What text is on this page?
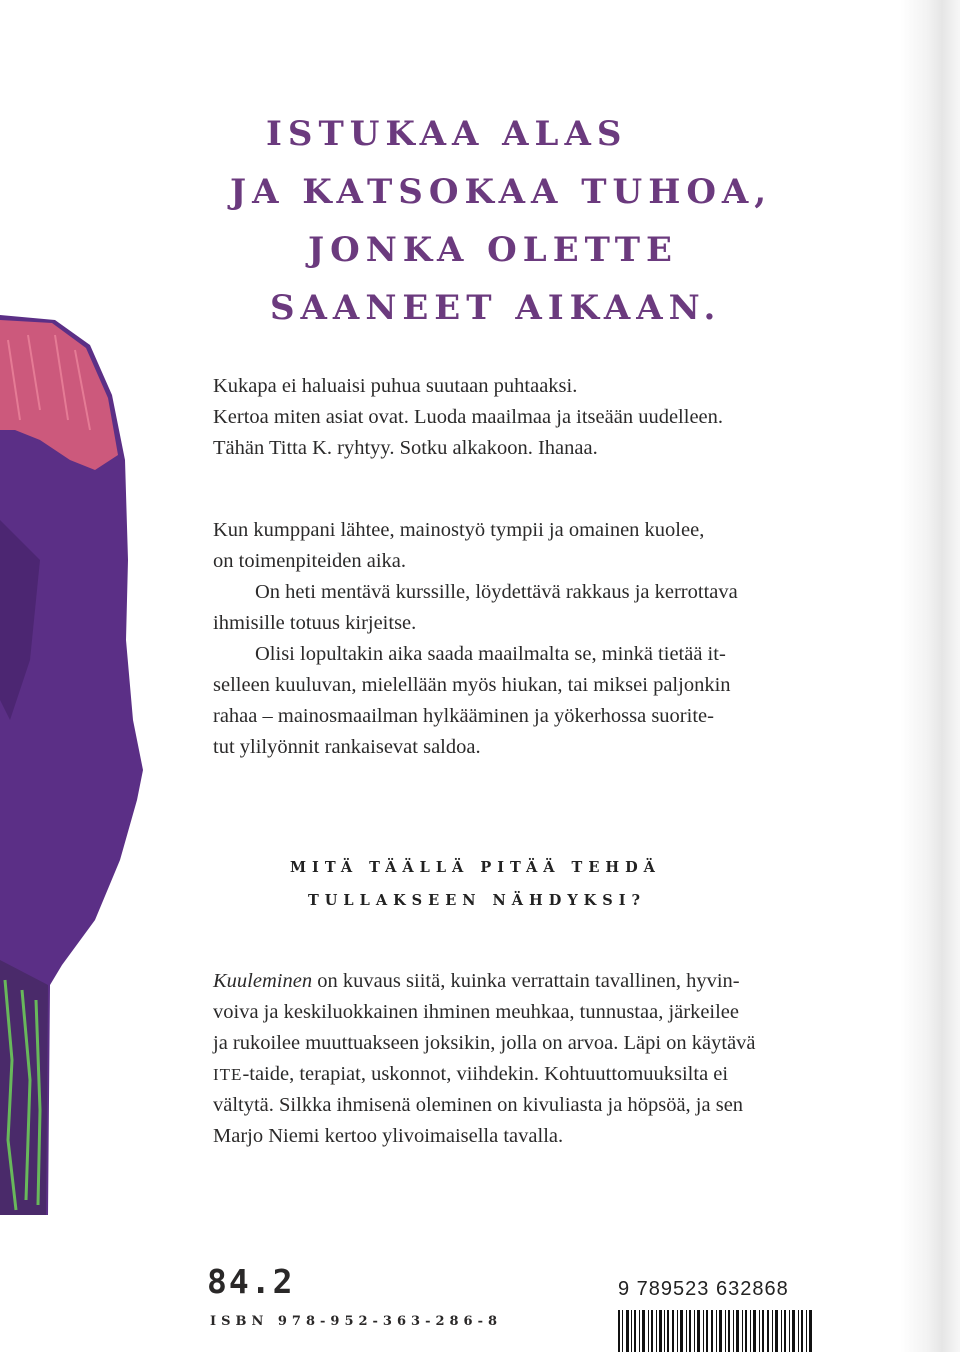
ISTUKAA ALAS
JA KATSOKAA TUHOA,
JONKA OLETTE
SAANEET AIKAAN.
Kukapa ei haluaisi puhua suutaan puhtaaksi.
Kertoa miten asiat ovat. Luoda maailmaa ja itseään uudelleen.
Tähän Titta K. ryhtyy. Sotku alkakoon. Ihanaa.
Kun kumppani lähtee, mainostyö tympii ja omainen kuolee,
on toimenpiteiden aika.
On heti mentävä kurssille, löydettävä rakkaus ja kerrottava
ihmisille totuus kirjeitse.
Olisi lopultakin aika saada maailmalta se, minkä tietää it-
selleen kuuluvan, mielellään myös hiukan, tai miksei paljonkin
rahaa – mainosmaailman hylkääminen ja yökerhossa suorite-
tut ylilyönnit rankaisevat saldoa.
MITÄ TÄÄLLÄ PITÄÄ TEHDÄ
TULLAKSEEN NÄHDYKSI?
Kuuleminen on kuvaus siitä, kuinka verrattain tavallinen, hyvin-
voiva ja keskiluokkainen ihminen meuhkaa, tunnustaa, järkeilee
ja rukoilee muuttuakseen joksikin, jolla on arvoa. Läpi on käytävä
ITE-taide, terapiat, uskonnot, viihdekin. Kohtuuttomuuksilta ei
vältytä. Silkka ihmisenä oleminen on kivuliasta ja höpsöä, ja sen
Marjo Niemi kertoo ylivoimaisella tavalla.
84.2
ISBN 978-952-363-286-8
9 789523 632868
